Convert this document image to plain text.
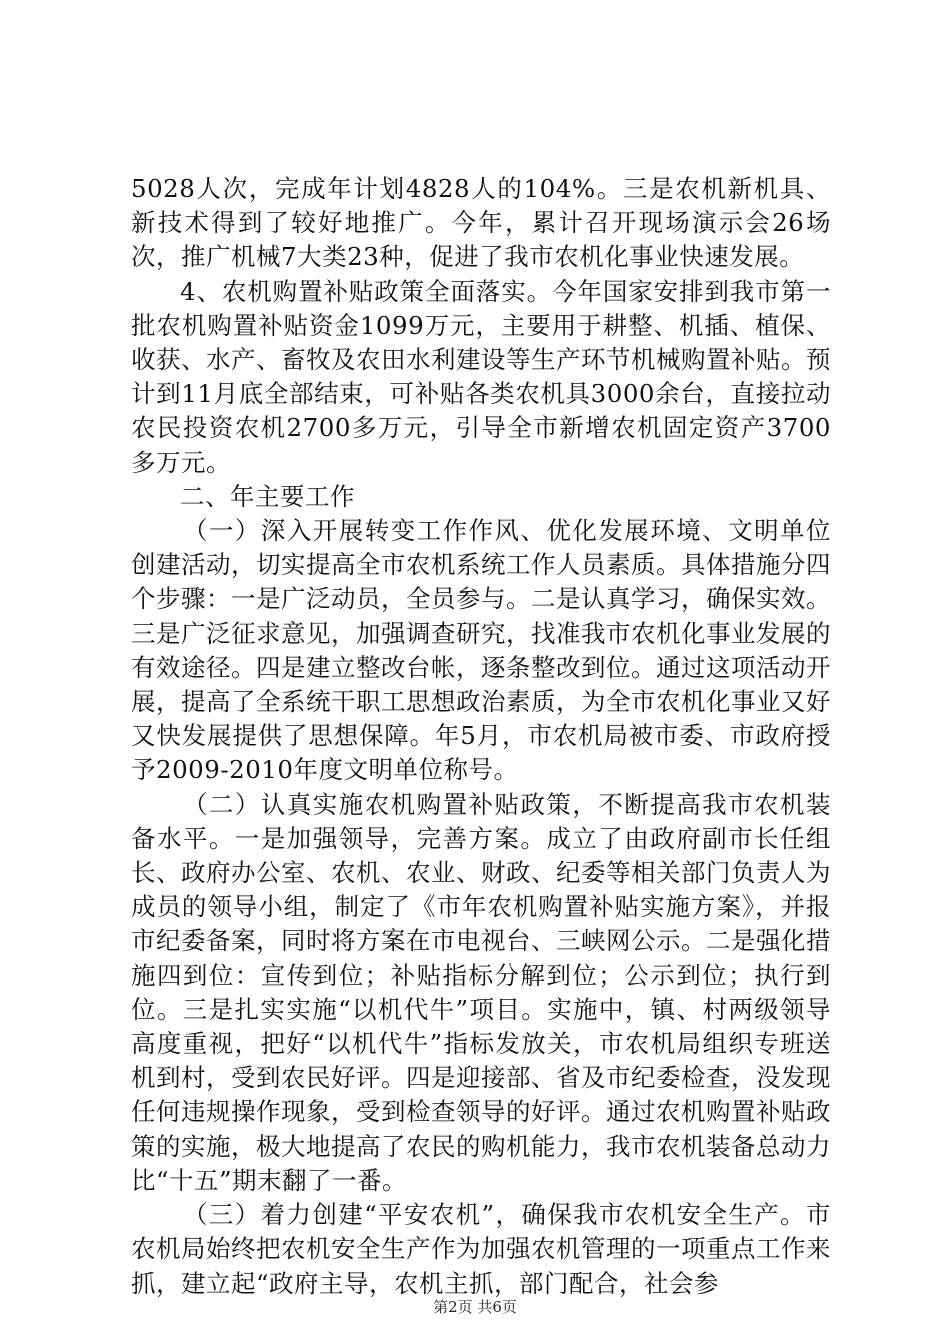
5028人次，完成年计划4828人的104%。三是农机新机具、新技术得到了较好地推广。今年，累计召开现场演示会26场次，推广机械7大类23种，促进了我市农机化事业快速发展。

4、农机购置补贴政策全面落实。今年国家安排到我市第一批农机购置补贴资金1099万元，主要用于耕整、机插、植保、收获、水产、畜牧及农田水利建设等生产环节机械购置补贴。预计到11月底全部结束，可补贴各类农机具3000余台，直接拉动农民投资农机2700多万元，引导全市新增农机固定资产3700多万元。

二、年主要工作

（一）深入开展转变工作作风、优化发展环境、文明单位创建活动，切实提高全市农机系统工作人员素质。具体措施分四个步骤：一是广泛动员，全员参与。二是认真学习，确保实效。三是广泛征求意见，加强调查研究，找准我市农机化事业发展的有效途径。四是建立整改台帐，逐条整改到位。通过这项活动开展，提高了全系统干职工思想政治素质，为全市农机化事业又好又快发展提供了思想保障。年5月，市农机局被市委、市政府授予2009-2010年度文明单位称号。

（二）认真实施农机购置补贴政策，不断提高我市农机装备水平。一是加强领导，完善方案。成立了由政府副市长任组长、政府办公室、农机、农业、财政、纪委等相关部门负责人为成员的领导小组，制定了《市年农机购置补贴实施方案》，并报市纪委备案，同时将方案在市电视台、三峡网公示。二是强化措施四到位：宣传到位；补贴指标分解到位；公示到位；执行到位。三是扎实实施“以机代牛”项目。实施中，镇、村两级领导高度重视，把好“以机代牛”指标发放关，市农机局组织专班送机到村，受到农民好评。四是迎接部、省及市纪委检查，没发现任何违规操作现象，受到检查领导的好评。通过农机购置补贴政策的实施，极大地提高了农民的购机能力，我市农机装备总动力比“十五”期末翻了一番。

（三）着力创建“平安农机”，确保我市农机安全生产。市农机局始终把农机安全生产作为加强农机管理的一项重点工作来抓，建立起“政府主导，农机主抓，部门配合，社会参

第2页 共6页
